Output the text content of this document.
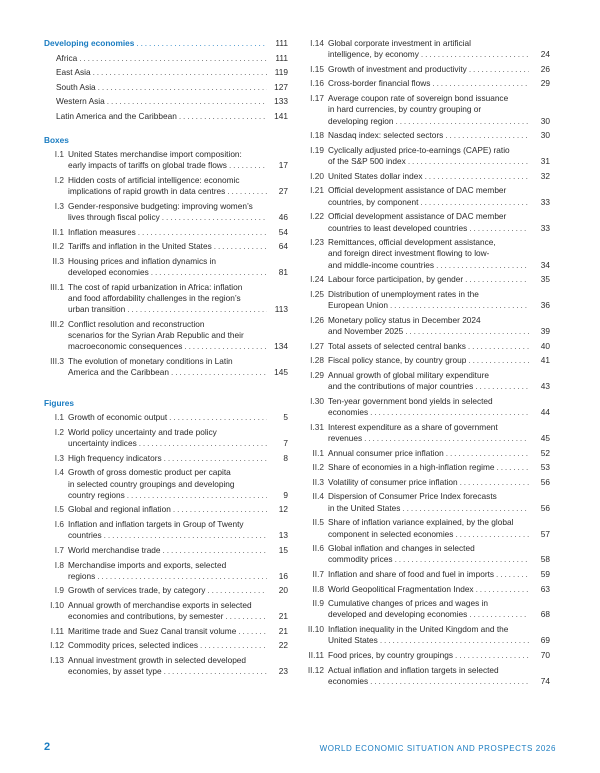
Developing economies . . .	111
Africa . . .	111
East Asia . . .	119
South Asia . . .	127
Western Asia . . .	133
Latin America and the Caribbean . . .	141
Boxes
I.1 United States merchandise import composition:
early impacts of tariffs on global trade flows . . .	17
I.2 Hidden costs of artificial intelligence: economic
implications of rapid growth in data centres . . .	27
I.3 Gender-responsive budgeting: improving women’s
lives through fiscal policy . . .	46
II.1 Inflation measures . . .	54
II.2 Tariffs and inflation in the United States . . .	64
II.3 Housing prices and inflation dynamics in
developed economies . . .	81
III.1 The cost of rapid urbanization in Africa: inflation
and food affordability challenges in the region’s
urban transition . . .	113
III.2 Conflict resolution and reconstruction
scenarios for the Syrian Arab Republic and their
macroeconomic consequences . . .	134
III.3 The evolution of monetary conditions in Latin
America and the Caribbean . . .	145
Figures
I.1 Growth of economic output . . .	5
I.2 World policy uncertainty and trade policy
uncertainty indices . . .	7
I.3 High frequency indicators . . .	8
I.4 Growth of gross domestic product per capita
in selected country groupings and developing
country regions . . .	9
I.5 Global and regional inflation . . .	12
I.6 Inflation and inflation targets in Group of Twenty
countries . . .	13
I.7 World merchandise trade . . .	15
I.8 Merchandise imports and exports, selected
regions . . .	16
I.9 Growth of services trade, by category . . .	20
I.10 Annual growth of merchandise exports in selected
economies and contributions, by semester . . .	21
I.11 Maritime trade and Suez Canal transit volume . . .	21
I.12 Commodity prices, selected indices . . .	22
I.13 Annual investment growth in selected developed
economies, by asset type . . .	23
I.14 Global corporate investment in artificial
intelligence, by economy . . .	24
I.15 Growth of investment and productivity . . .	26
I.16 Cross-border financial flows . . .	29
I.17 Average coupon rate of sovereign bond issuance
in hard currencies, by country grouping or
developing region . . .	30
I.18 Nasdaq index: selected sectors . . .	30
I.19 Cyclically adjusted price-to-earnings (CAPE) ratio
of the S&P 500 index . . .	31
I.20 United States dollar index . . .	32
I.21 Official development assistance of DAC member
countries, by component . . .	33
I.22 Official development assistance of DAC member
countries to least developed countries . . .	33
I.23 Remittances, official development assistance,
and foreign direct investment flowing to low-
and middle-income countries . . .	34
I.24 Labour force participation, by gender . . .	35
I.25 Distribution of unemployment rates in the
European Union . . .	36
I.26 Monetary policy status in December 2024
and November 2025 . . .	39
I.27 Total assets of selected central banks . . .	40
I.28 Fiscal policy stance, by country group . . .	41
I.29 Annual growth of global military expenditure
and the contributions of major countries . . .	43
I.30 Ten-year government bond yields in selected
economies . . .	44
I.31 Interest expenditure as a share of government
revenues . . .	45
II.1 Annual consumer price inflation . . .	52
II.2 Share of economies in a high-inflation regime . . .	53
II.3 Volatility of consumer price inflation . . .	56
II.4 Dispersion of Consumer Price Index forecasts
in the United States . . .	56
II.5 Share of inflation variance explained, by the global
component in selected economies . . .	57
II.6 Global inflation and changes in selected
commodity prices . . .	58
II.7 Inflation and share of food and fuel in imports . . .	59
II.8 World Geopolitical Fragmentation Index . . .	63
II.9 Cumulative changes of prices and wages in
developed and developing economies . . .	68
II.10 Inflation inequality in the United Kingdom and the
United States . . .	69
II.11 Food prices, by country groupings . . .	70
II.12 Actual inflation and inflation targets in selected
economies . . .	74
2	WORLD ECONOMIC SITUATION AND PROSPECTS 2026
